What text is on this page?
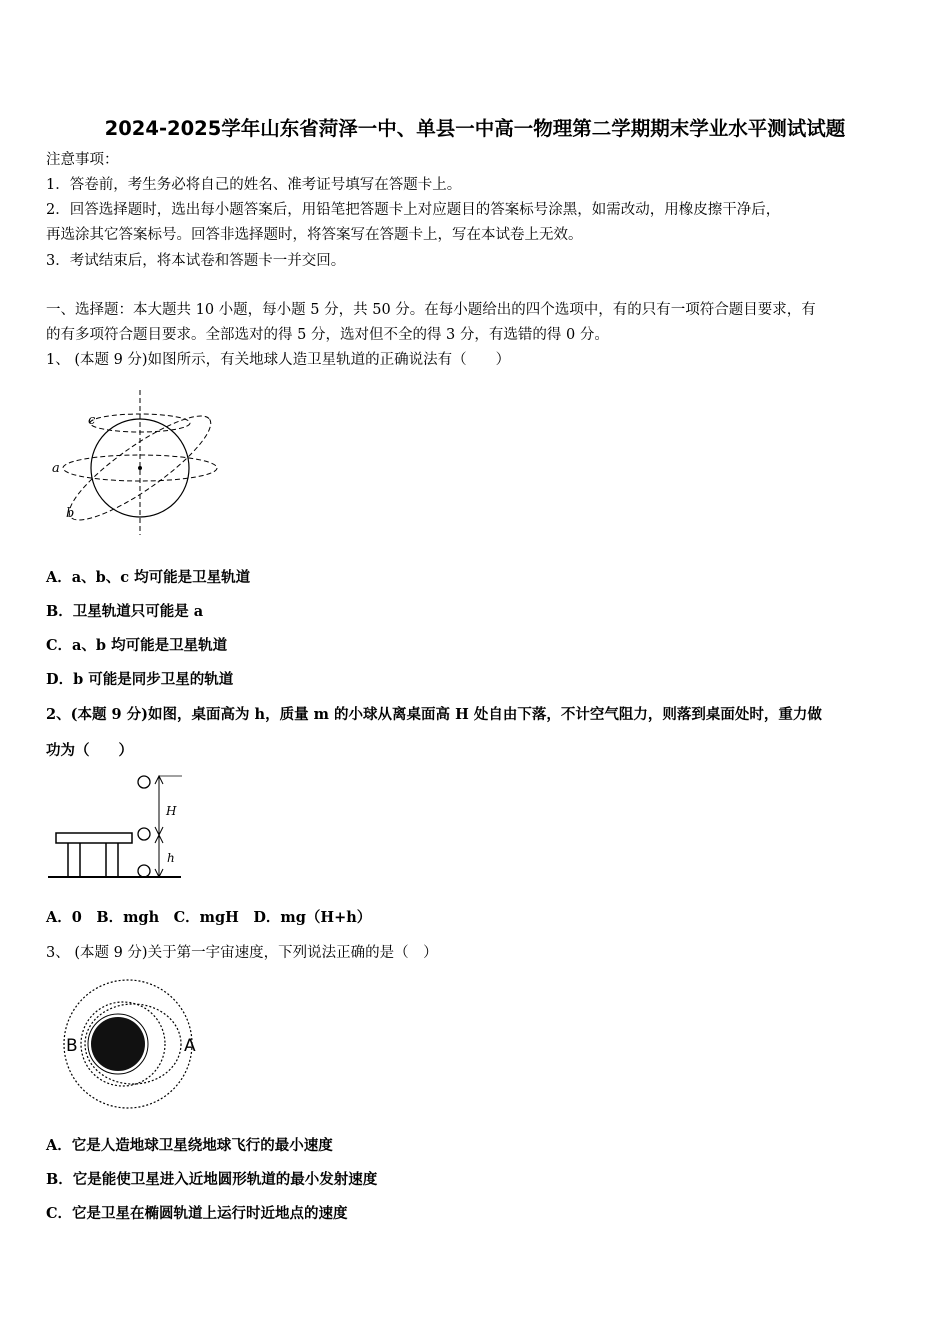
2024-2025学年山东省菏泽一中、单县一中高一物理第二学期期末学业水平测试试题
注意事项：
1．答卷前，考生务必将自己的姓名、准考证号填写在答题卡上。
2．回答选择题时，选出每小题答案后，用铅笔把答题卡上对应题目的答案标号涂黑，如需改动，用橡皮擦干净后，
再选涂其它答案标号。回答非选择题时，将答案写在答题卡上，写在本试卷上无效。
3．考试结束后，将本试卷和答题卡一并交回。
一、选择题：本大题共 10 小题，每小题 5 分，共 50 分。在每小题给出的四个选项中，有的只有一项符合题目要求，有
的有多项符合题目要求。全部选对的得 5 分，选对但不全的得 3 分，有选错的得 0 分。
1、 (本题 9 分)如图所示，有关地球人造卫星轨道的正确说法有（　　）
c
a
b
A．a、b、c 均可能是卫星轨道
B．卫星轨道只可能是 a
C．a、b 均可能是卫星轨道
D．b 可能是同步卫星的轨道
2、(本题 9 分)如图，桌面高为 h，质量 m 的小球从离桌面高 H 处自由下落，不计空气阻力，则落到桌面处时，重力做
功为（　　）
H
h
A．0　B．mgh　C．mgH　D．mg（H+h）
3、 (本题 9 分)关于第一宇宙速度，下列说法正确的是（　）
B	A
A．它是人造地球卫星绕地球飞行的最小速度
B．它是能使卫星进入近地圆形轨道的最小发射速度
C．它是卫星在椭圆轨道上运行时近地点的速度
